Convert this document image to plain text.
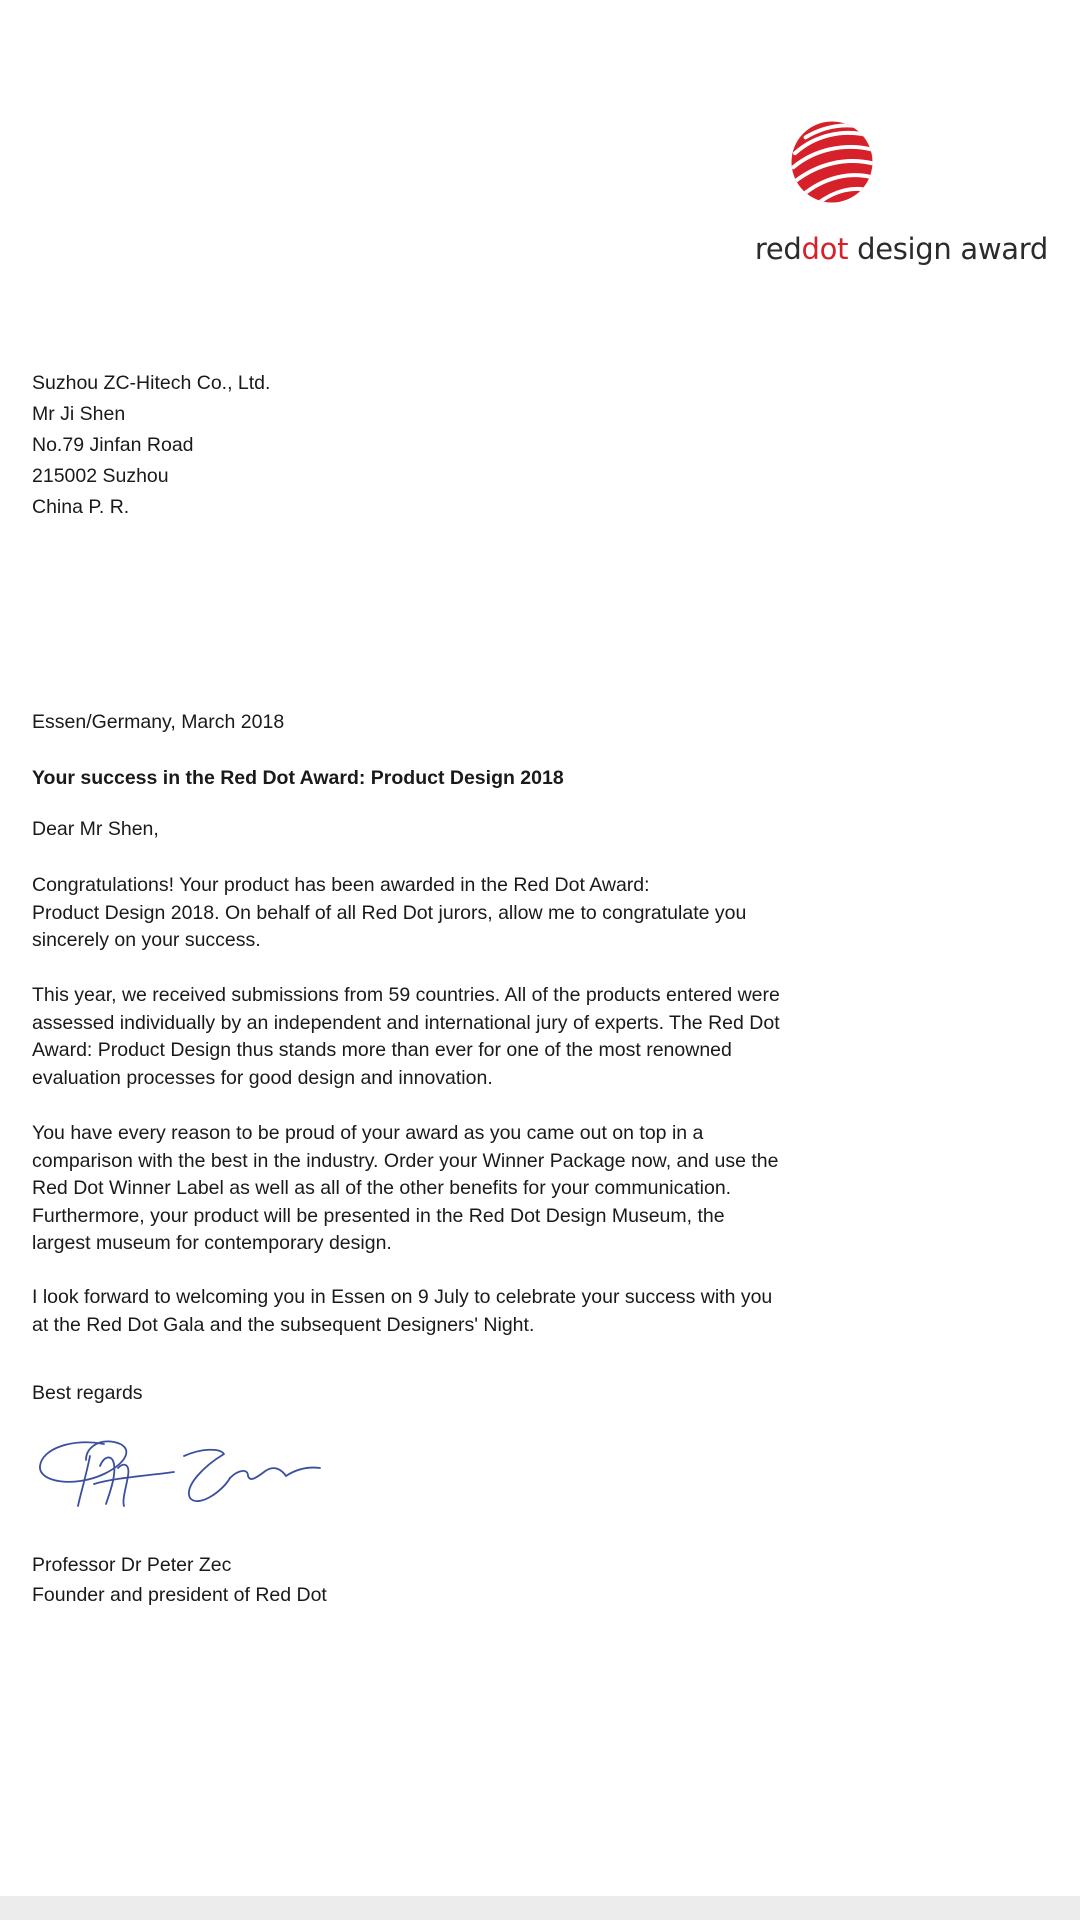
reddot design award
Suzhou ZC-Hitech Co., Ltd.
Mr Ji Shen
No.79 Jinfan Road
215002 Suzhou
China P. R.
Essen/Germany, March 2018
Your success in the Red Dot Award: Product Design 2018
Dear Mr Shen,
Congratulations! Your product has been awarded in the Red Dot Award:
Product Design 2018. On behalf of all Red Dot jurors, allow me to congratulate you
sincerely on your success.
This year, we received submissions from 59 countries. All of the products entered were
assessed individually by an independent and international jury of experts. The Red Dot
Award: Product Design thus stands more than ever for one of the most renowned
evaluation processes for good design and innovation.
You have every reason to be proud of your award as you came out on top in a
comparison with the best in the industry. Order your Winner Package now, and use the
Red Dot Winner Label as well as all of the other benefits for your communication.
Furthermore, your product will be presented in the Red Dot Design Museum, the
largest museum for contemporary design.
I look forward to welcoming you in Essen on 9 July to celebrate your success with you
at the Red Dot Gala and the subsequent Designers' Night.
Best regards
Professor Dr Peter Zec
Founder and president of Red Dot
